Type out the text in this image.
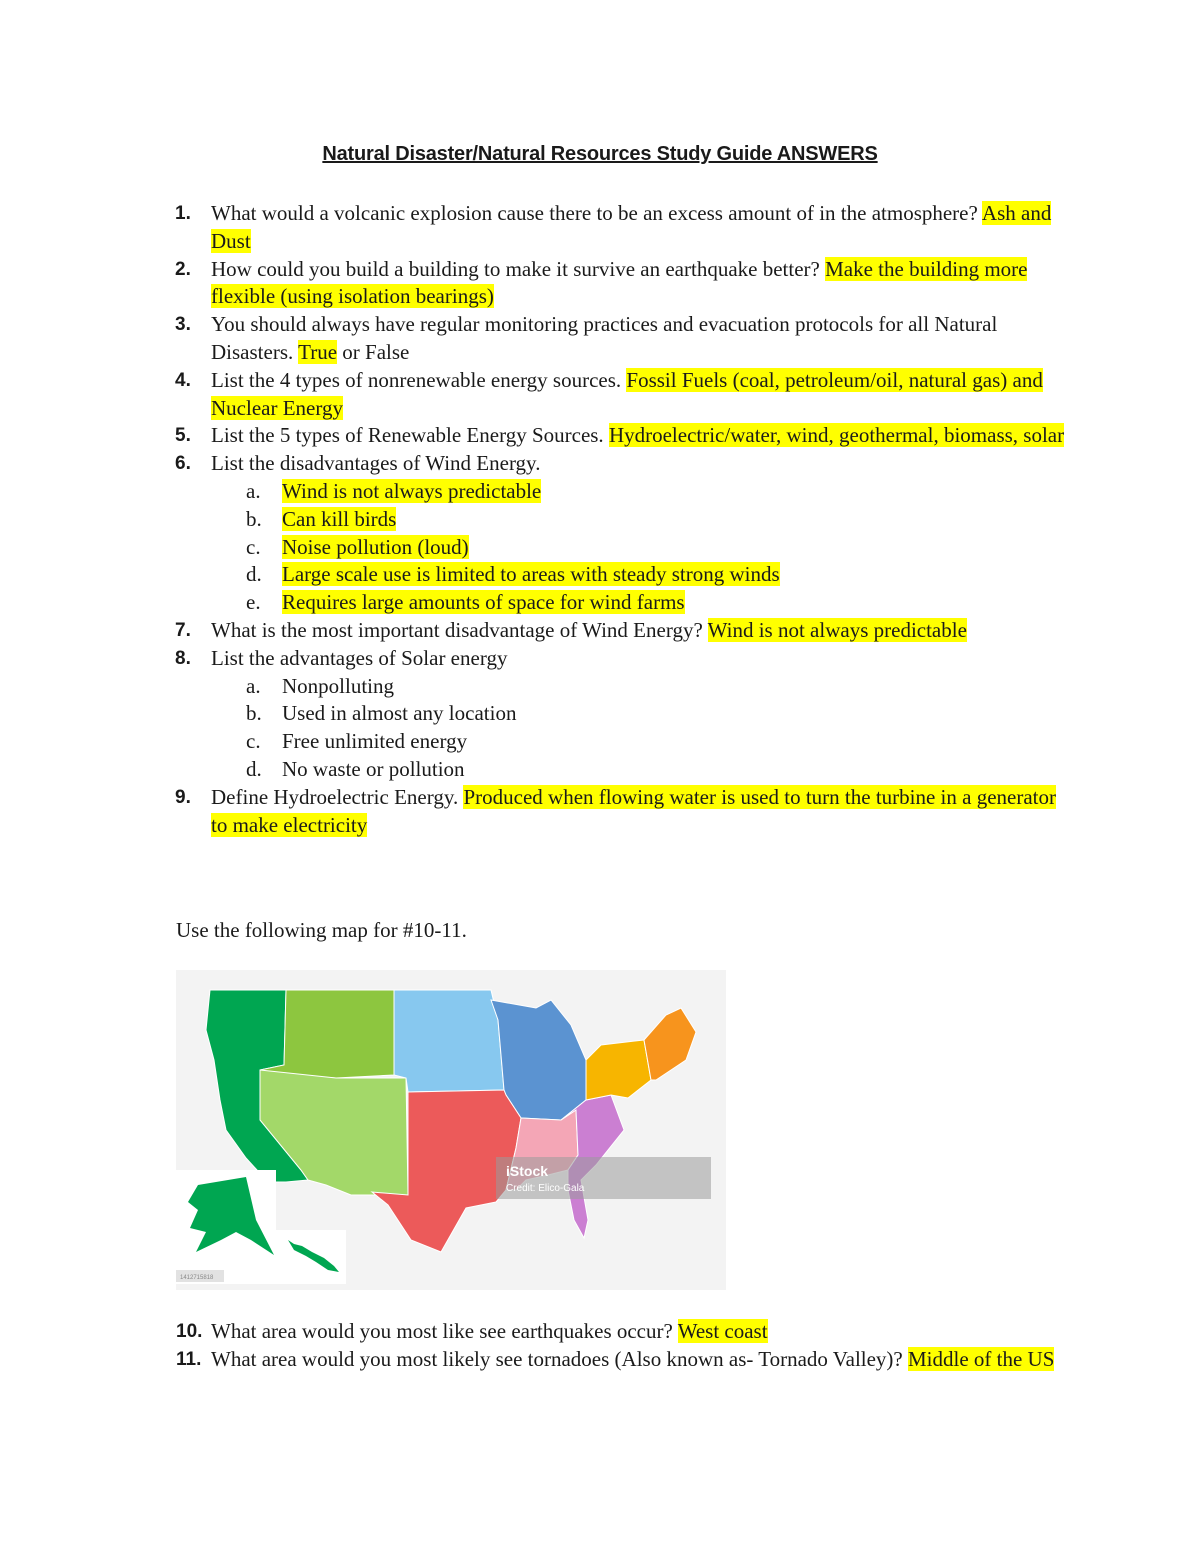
Natural Disaster/Natural Resources Study Guide ANSWERS
1. What would a volcanic explosion cause there to be an excess amount of in the atmosphere? Ash and Dust
2. How could you build a building to make it survive an earthquake better? Make the building more flexible (using isolation bearings)
3. You should always have regular monitoring practices and evacuation protocols for all Natural Disasters. True or False
4. List the 4 types of nonrenewable energy sources. Fossil Fuels (coal, petroleum/oil, natural gas) and Nuclear Energy
5. List the 5 types of Renewable Energy Sources. Hydroelectric/water, wind, geothermal, biomass, solar
6. List the disadvantages of Wind Energy.
a. Wind is not always predictable
b. Can kill birds
c. Noise pollution (loud)
d. Large scale use is limited to areas with steady strong winds
e. Requires large amounts of space for wind farms
7. What is the most important disadvantage of Wind Energy? Wind is not always predictable
8. List the advantages of Solar energy
a. Nonpolluting
b. Used in almost any location
c. Free unlimited energy
d. No waste or pollution
9. Define Hydroelectric Energy. Produced when flowing water is used to turn the turbine in a generator to make electricity
Use the following map for #10-11.
1412715818
iStock
Credit: Elico-Gala
10. What area would you most like see earthquakes occur? West coast
11. What area would you most likely see tornadoes (Also known as- Tornado Valley)? Middle of the US
